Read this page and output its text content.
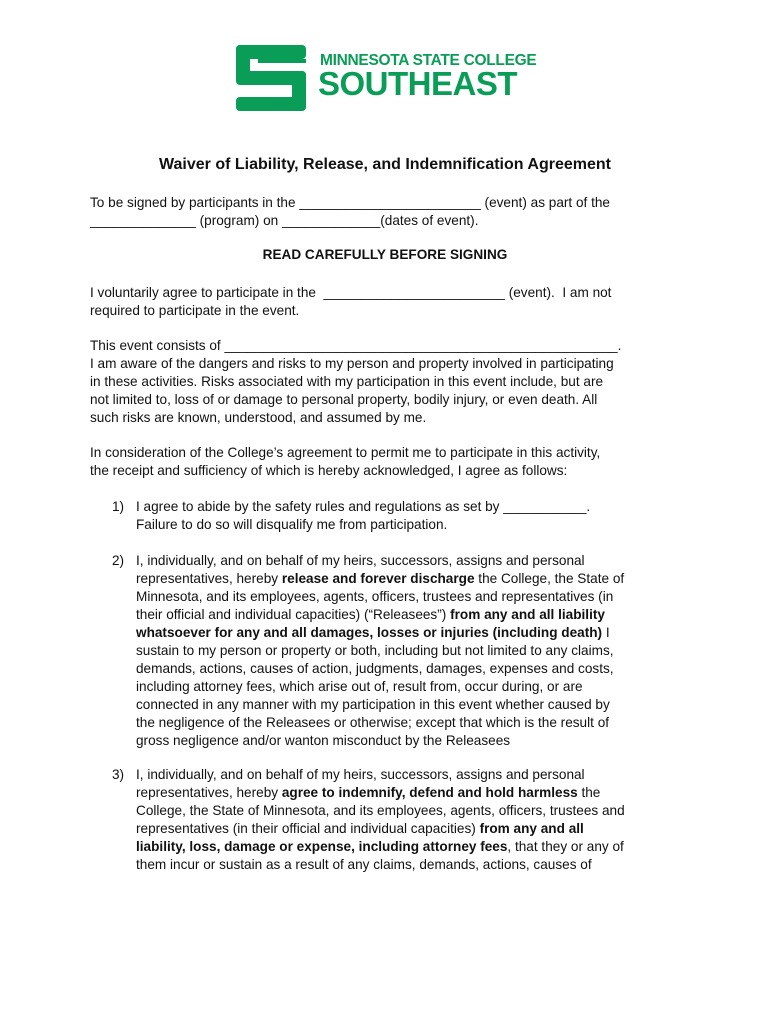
MINNESOTA STATE COLLEGE
SOUTHEAST
Waiver of Liability, Release, and Indemnification Agreement
To be signed by participants in the ________________________ (event) as part of the
______________ (program) on _____________(dates of event).
READ CAREFULLY BEFORE SIGNING
I voluntarily agree to participate in the  ________________________ (event).  I am not
required to participate in the event.
This event consists of ____________________________________________________.
I am aware of the dangers and risks to my person and property involved in participating
in these activities. Risks associated with my participation in this event include, but are
not limited to, loss of or damage to personal property, bodily injury, or even death. All
such risks are known, understood, and assumed by me.
In consideration of the College’s agreement to permit me to participate in this activity,
the receipt and sufficiency of which is hereby acknowledged, I agree as follows:
1) I agree to abide by the safety rules and regulations as set by ___________.
Failure to do so will disqualify me from participation.
2) I, individually, and on behalf of my heirs, successors, assigns and personal
representatives, hereby release and forever discharge the College, the State of
Minnesota, and its employees, agents, officers, trustees and representatives (in
their official and individual capacities) (“Releasees”) from any and all liability
whatsoever for any and all damages, losses or injuries (including death) I
sustain to my person or property or both, including but not limited to any claims,
demands, actions, causes of action, judgments, damages, expenses and costs,
including attorney fees, which arise out of, result from, occur during, or are
connected in any manner with my participation in this event whether caused by
the negligence of the Releasees or otherwise; except that which is the result of
gross negligence and/or wanton misconduct by the Releasees
3) I, individually, and on behalf of my heirs, successors, assigns and personal
representatives, hereby agree to indemnify, defend and hold harmless the
College, the State of Minnesota, and its employees, agents, officers, trustees and
representatives (in their official and individual capacities) from any and all
liability, loss, damage or expense, including attorney fees, that they or any of
them incur or sustain as a result of any claims, demands, actions, causes of
